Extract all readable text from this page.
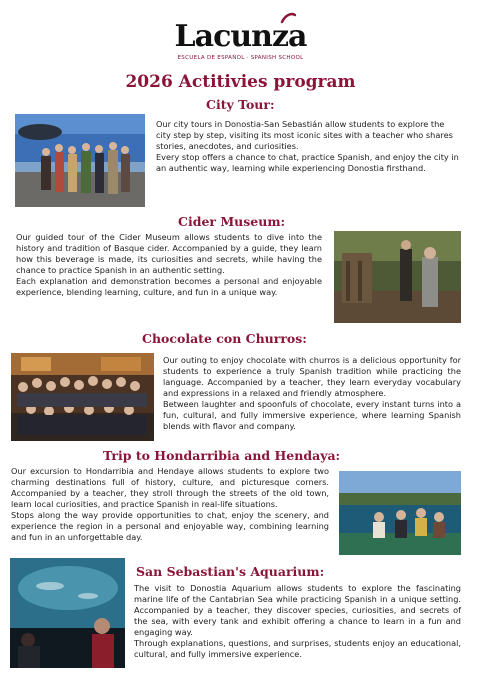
Lacunza
ESCUELA DE ESPAÑOL · SPANISH SCHOOL
2026 Actitivies program
City Tour:

Our city tours in Donostia-San Sebastián allow students to explore the city step by step, visiting its most iconic sites with a teacher who shares stories, anecdotes, and curiosities.

Every stop offers a chance to chat, practice Spanish, and enjoy the city in an authentic way, learning while experiencing Donostia firsthand.

Cider Museum:

Our guided tour of the Cider Museum allows students to dive into the history and tradition of Basque cider. Accompanied by a guide, they learn how this beverage is made, its curiosities and secrets, while having the chance to practice Spanish in an authentic setting.

Each explanation and demonstration becomes a personal and enjoyable experience, blending learning, culture, and fun in a unique way.

Chocolate con Churros:

Our outing to enjoy chocolate with churros is a delicious opportunity for students to experience a truly Spanish tradition while practicing the language. Accompanied by a teacher, they learn everyday vocabulary and expressions in a relaxed and friendly atmosphere.

Between laughter and spoonfuls of chocolate, every instant turns into a fun, cultural, and fully immersive experience, where learning Spanish blends with flavor and company.

Trip to Hondarribia and Hendaya:

Our excursion to Hondarribia and Hendaye allows students to explore two charming destinations full of history, culture, and picturesque corners. Accompanied by a teacher, they stroll through the streets of the old town, learn local curiosities, and practice Spanish in real-life situations.

Stops along the way provide opportunities to chat, enjoy the scenery, and experience the region in a personal and enjoyable way, combining learning and fun in an unforgettable day.

San Sebastian's Aquarium:

The visit to Donostia Aquarium allows students to explore the fascinating marine life of the Cantabrian Sea while practicing Spanish in a unique setting. Accompanied by a teacher, they discover species, curiosities, and secrets of the sea, with every tank and exhibit offering a chance to learn in a fun and engaging way.

Through explanations, questions, and surprises, students enjoy an educational, cultural, and fully immersive experience.
